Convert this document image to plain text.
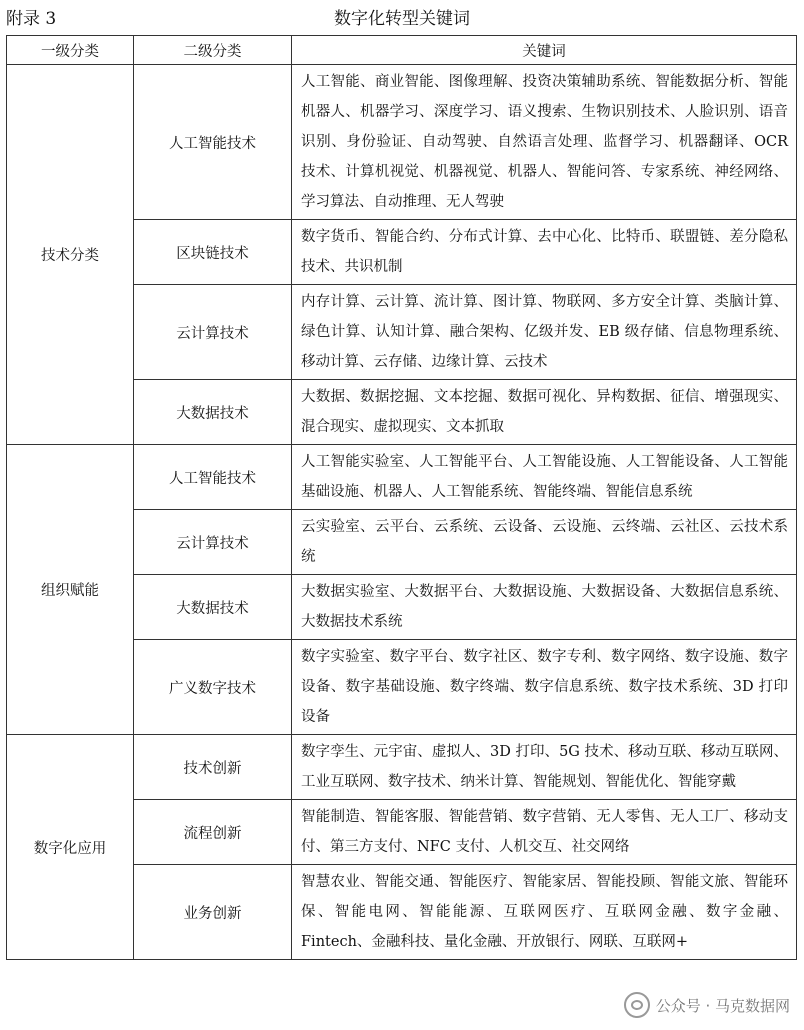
附录 3	数字化转型关键词
一级分类	二级分类	关键词
技术分类	人工智能技术	人工智能、商业智能、图像理解、投资决策辅助系统、智能数据分析、智能机器人、机器学习、深度学习、语义搜索、生物识别技术、人脸识别、语音识别、身份验证、自动驾驶、自然语言处理、监督学习、机器翻译、OCR 技术、计算机视觉、机器视觉、机器人、智能问答、专家系统、神经网络、学习算法、自动推理、无人驾驶
	区块链技术	数字货币、智能合约、分布式计算、去中心化、比特币、联盟链、差分隐私技术、共识机制
	云计算技术	内存计算、云计算、流计算、图计算、物联网、多方安全计算、类脑计算、绿色计算、认知计算、融合架构、亿级并发、EB 级存储、信息物理系统、移动计算、云存储、边缘计算、云技术
	大数据技术	大数据、数据挖掘、文本挖掘、数据可视化、异构数据、征信、增强现实、混合现实、虚拟现实、文本抓取
组织赋能	人工智能技术	人工智能实验室、人工智能平台、人工智能设施、人工智能设备、人工智能基础设施、机器人、人工智能系统、智能终端、智能信息系统
	云计算技术	云实验室、云平台、云系统、云设备、云设施、云终端、云社区、云技术系统
	大数据技术	大数据实验室、大数据平台、大数据设施、大数据设备、大数据信息系统、大数据技术系统
	广义数字技术	数字实验室、数字平台、数字社区、数字专利、数字网络、数字设施、数字设备、数字基础设施、数字终端、数字信息系统、数字技术系统、3D 打印设备
数字化应用	技术创新	数字孪生、元宇宙、虚拟人、3D 打印、5G 技术、移动互联、移动互联网、工业互联网、数字技术、纳米计算、智能规划、智能优化、智能穿戴
	流程创新	智能制造、智能客服、智能营销、数字营销、无人零售、无人工厂、移动支付、第三方支付、NFC 支付、人机交互、社交网络
	业务创新	智慧农业、智能交通、智能医疗、智能家居、智能投顾、智能文旅、智能环保、智能电网、智能能源、互联网医疗、互联网金融、数字金融、Fintech、金融科技、量化金融、开放银行、网联、互联网+
公众号 · 马克数据网
